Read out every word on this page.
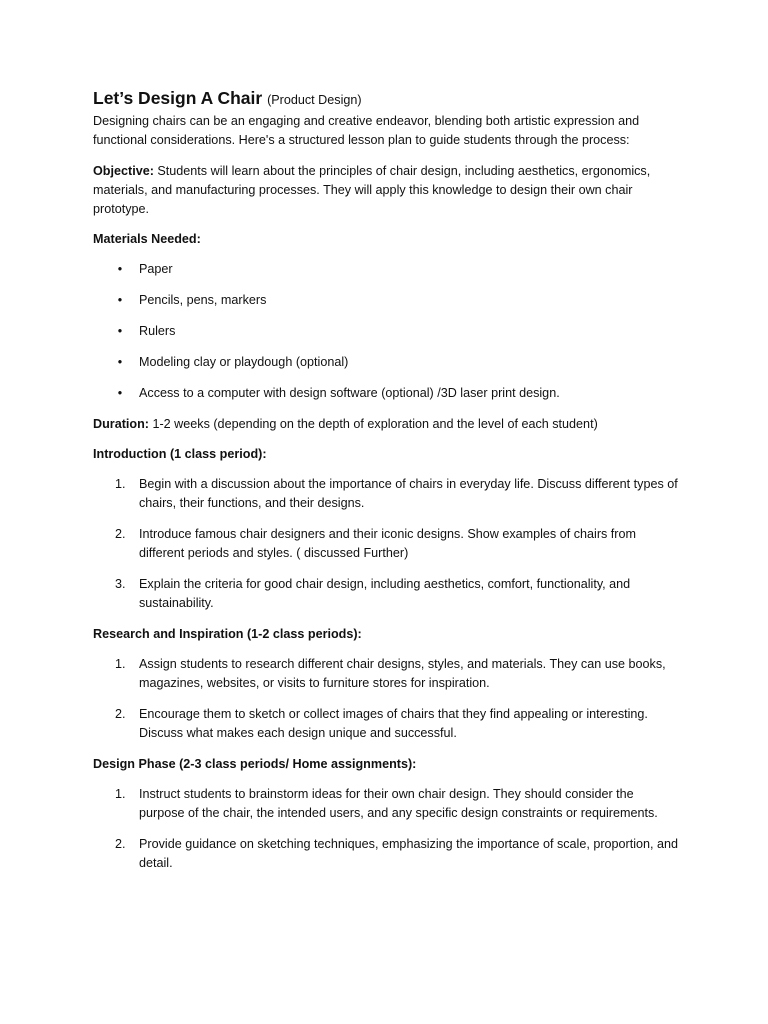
Let’s Design A Chair (Product Design)

Designing chairs can be an engaging and creative endeavor, blending both artistic expression and functional considerations. Here's a structured lesson plan to guide students through the process:

Objective: Students will learn about the principles of chair design, including aesthetics, ergonomics, materials, and manufacturing processes. They will apply this knowledge to design their own chair prototype.

Materials Needed:
•	Paper
•	Pencils, pens, markers
•	Rulers
•	Modeling clay or playdough (optional)
•	Access to a computer with design software (optional) /3D laser print design.

Duration: 1-2 weeks (depending on the depth of exploration and the level of each student)

Introduction (1 class period):
1.	Begin with a discussion about the importance of chairs in everyday life. Discuss different types of chairs, their functions, and their designs.
2.	Introduce famous chair designers and their iconic designs. Show examples of chairs from different periods and styles. ( discussed Further)
3.	Explain the criteria for good chair design, including aesthetics, comfort, functionality, and sustainability.
Research and Inspiration (1-2 class periods):
1.	Assign students to research different chair designs, styles, and materials. They can use books, magazines, websites, or visits to furniture stores for inspiration.
2.	Encourage them to sketch or collect images of chairs that they find appealing or interesting. Discuss what makes each design unique and successful.
Design Phase (2-3 class periods/ Home assignments):
1.	Instruct students to brainstorm ideas for their own chair design. They should consider the purpose of the chair, the intended users, and any specific design constraints or requirements.
2.	Provide guidance on sketching techniques, emphasizing the importance of scale, proportion, and detail.
